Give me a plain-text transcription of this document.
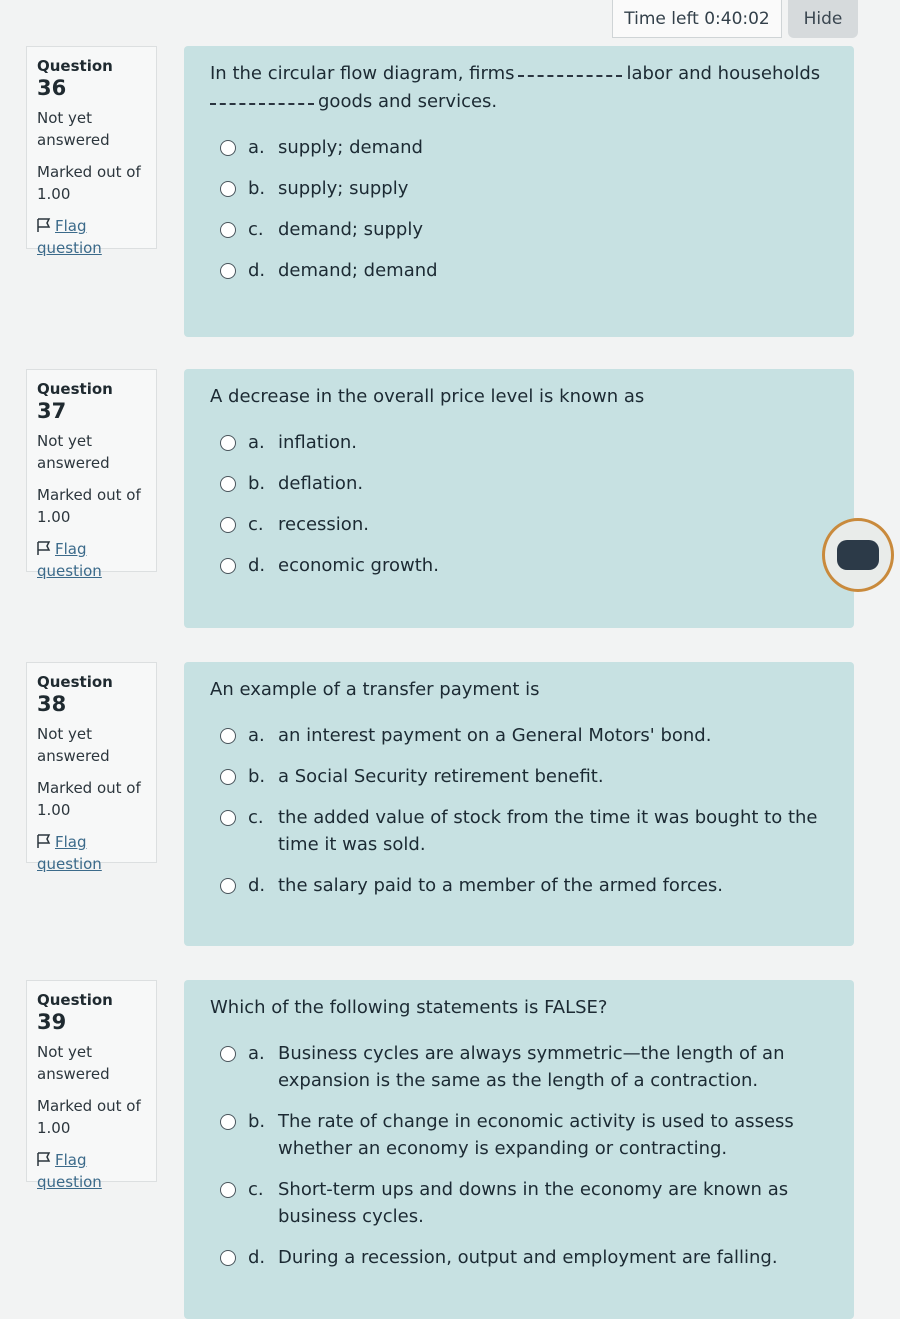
Time left
0:40:02	Hide
Question 36
Not yet answered
Marked out of 1.00
Flag question
In the circular flow diagram, firms	labor and households
goods and services.
a. supply; demand
b. supply; supply
c. demand; supply
d. demand; demand
Question 37
Not yet answered
Marked out of 1.00
Flag question
A decrease in the overall price level is known as
a. inflation.
b. deflation.
c. recession.
d. economic growth.
Question 38
Not yet answered
Marked out of 1.00
Flag question
An example of a transfer payment is
a. an interest payment on a General Motors' bond.
b. a Social Security retirement benefit.
c. the added value of stock from the time it was bought to the time it was sold.
d. the salary paid to a member of the armed forces.
Question 39
Not yet answered
Marked out of 1.00
Flag question
Which of the following statements is FALSE?
a. Business cycles are always symmetric—the length of an expansion is the same as the length of a contraction.
b. The rate of change in economic activity is used to assess whether an economy is expanding or contracting.
c. Short-term ups and downs in the economy are known as business cycles.
d. During a recession, output and employment are falling.
